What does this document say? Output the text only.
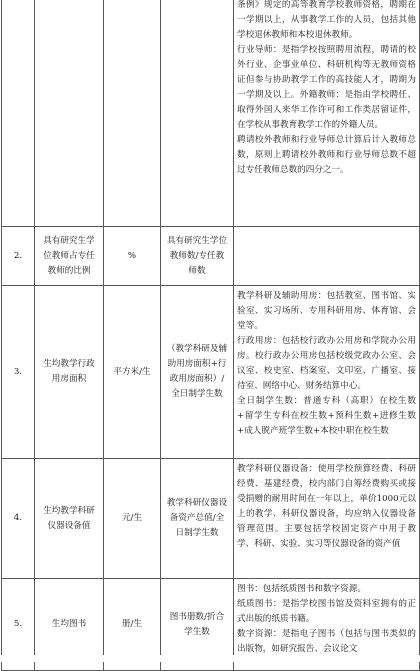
				条例》规定的高等教育学校教师资格，聘期在一学期以上，从事教学工作的人员，包括其他学校退休教师和本校退休教师。

行业导师：是指学校按照聘用流程，聘请的校外行业、企事业单位、科研机构等无教师资格证但参与协助教学工作的高技能人才，聘期为一学期及以上。外籍教师：是指由学校聘任、取得外国人来华工作许可和工作类居留证件，在学校从事教育教学工作的外籍人员。

聘请校外教师和行业导师总计算后计入教师总数，原则上聘请校外教师和行业导师总数不超过专任教师总数的四分之一。

2.	具有研究生学位教师占专任教师的比例	%	具有研究生学位教师数/专任教师数	
3.	生均教学行政用房面积	平方米/生	（教学科研及辅助用房面积+行政用房面积）/全日制学生数	教学科研及辅助用房：包括教室、图书馆、实验室、实习场所、专用科研用房、体育馆、会堂等。

行政用房：包括校行政办公用房和学院办公用房。校行政办公用房包括校级党政办公室、会议室、校史室、档案室、文印室、广播室、接待室、网络中心、财务结算中心。

全日制学生数：普通专科（高职）在校生数+留学生专科在校生数+预科生数+进修生数+成人脱产班学生数+本校中职在校生数

4.	生均教学科研仪器设备值	元/生	教学科研仪器设备资产总值/全日制学生数	教学科研仪器设备：使用学校预算经费、科研经费、基建经费，校内部门自筹经费购买或接受捐赠的耐用时间在一年以上，单价1000元以上的教学、科研仪器设备，均应纳入仪器设备管理范围。主要包括学校固定资产中用于教学、科研、实验、实习等仪器设备的资产值

5.	生均图书	册/生	图书册数/折合学生数	图书：包括纸质图书和数字资源。

纸质图书：是指学校图书馆及资料室拥有的正式出版的纸质书籍。

数字资源：是指电子图书（包括与图书类似的出版物，如研究报告、会议论文
